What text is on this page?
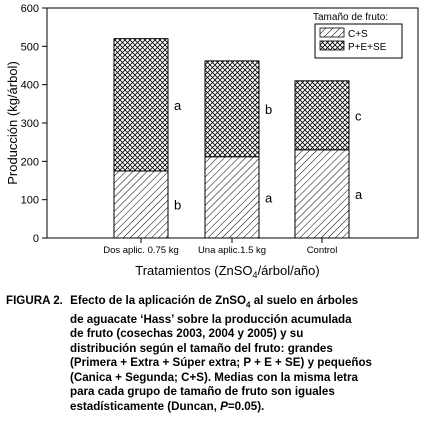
0
100
200
300
400
500
600
Producción (kg/árbol)
b
a
Dos aplic. 0.75 kg
a
b
Una aplic.1.5 kg
a
c
Control
Tratamientos (ZnSO$_4$/árbol/año)
Tamaño de fruto:
C+S
P+E+SE
FIGURA 2. Efecto de la aplicación de ZnSO$_4$ al suelo en árboles
de aguacate ‘Hass’ sobre la producción acumulada
de fruto (cosechas 2003, 2004 y 2005) y su
distribución según el tamaño del fruto: grandes
(Primera + Extra + Súper extra; P + E + SE) y pequeños
(Canica + Segunda; C+S). Medias con la misma letra
para cada grupo de tamaño de fruto son iguales
estadísticamente (Duncan, P=0.05).
